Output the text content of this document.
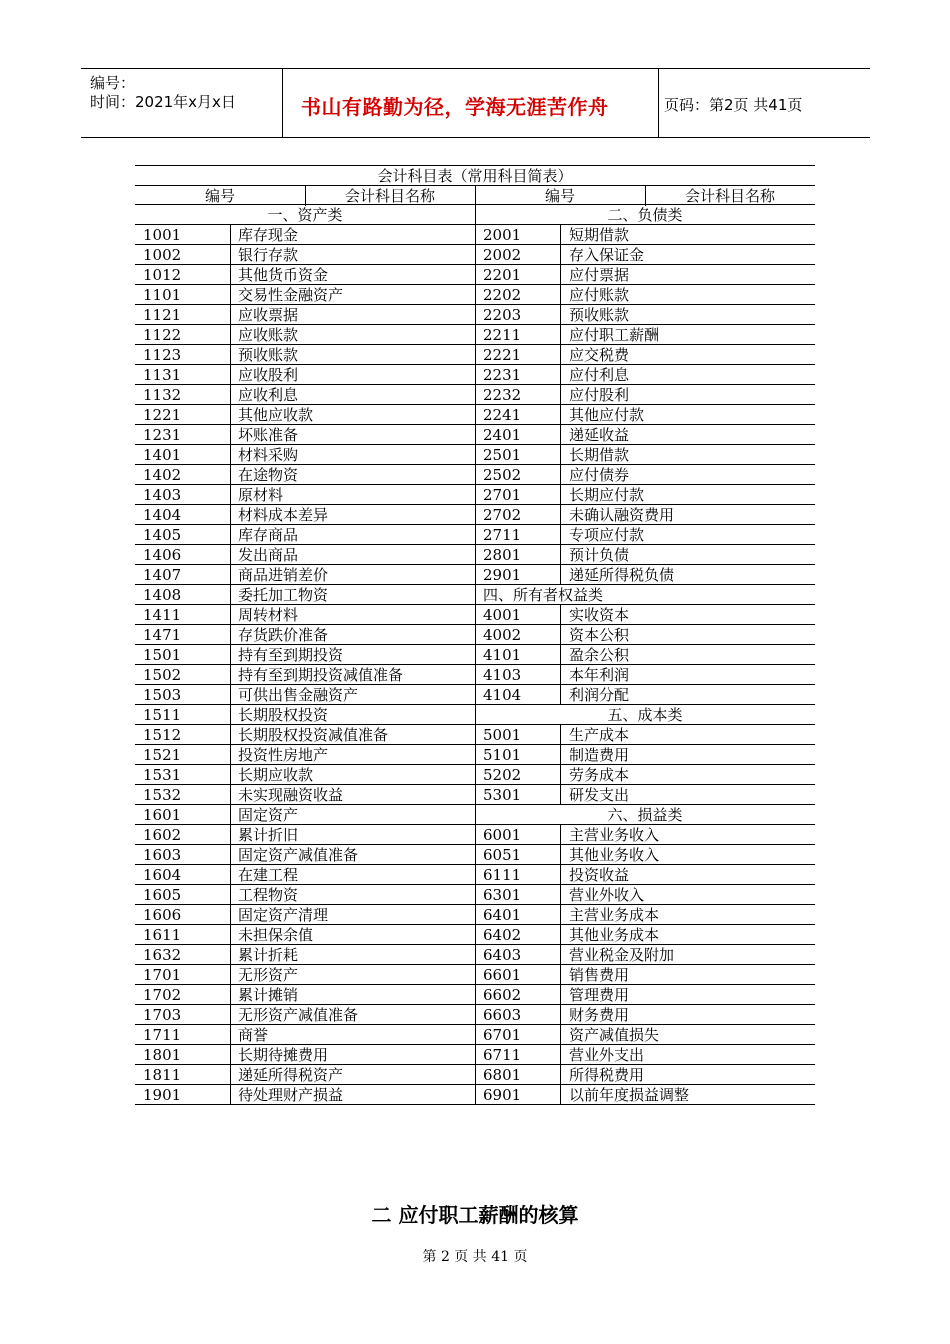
编号：
时间：2021年x月x日	书山有路勤为径，学海无涯苦作舟	页码：第2页 共41页
会计科目表（常用科目简表）
编号	会计科目名称	编号	会计科目名称
一、资产类	二、负债类
1001	库存现金	2001	短期借款
1002	银行存款	2002	存入保证金
1012	其他货币资金	2201	应付票据
1101	交易性金融资产	2202	应付账款
1121	应收票据	2203	预收账款
1122	应收账款	2211	应付职工薪酬
1123	预收账款	2221	应交税费
1131	应收股利	2231	应付利息
1132	应收利息	2232	应付股利
1221	其他应收款	2241	其他应付款
1231	坏账准备	2401	递延收益
1401	材料采购	2501	长期借款
1402	在途物资	2502	应付债券
1403	原材料	2701	长期应付款
1404	材料成本差异	2702	未确认融资费用
1405	库存商品	2711	专项应付款
1406	发出商品	2801	预计负债
1407	商品进销差价	2901	递延所得税负债
1408	委托加工物资	四、所有者权益类
1411	周转材料	4001	实收资本
1471	存货跌价准备	4002	资本公积
1501	持有至到期投资	4101	盈余公积
1502	持有至到期投资减值准备	4103	本年利润
1503	可供出售金融资产	4104	利润分配
1511	长期股权投资	五、成本类
1512	长期股权投资减值准备	5001	生产成本
1521	投资性房地产	5101	制造费用
1531	长期应收款	5202	劳务成本
1532	未实现融资收益	5301	研发支出
1601	固定资产	六、损益类
1602	累计折旧	6001	主营业务收入
1603	固定资产减值准备	6051	其他业务收入
1604	在建工程	6111	投资收益
1605	工程物资	6301	营业外收入
1606	固定资产清理	6401	主营业务成本
1611	未担保余值	6402	其他业务成本
1632	累计折耗	6403	营业税金及附加
1701	无形资产	6601	销售费用
1702	累计摊销	6602	管理费用
1703	无形资产减值准备	6603	财务费用
1711	商誉	6701	资产减值损失
1801	长期待摊费用	6711	营业外支出
1811	递延所得税资产	6801	所得税费用
1901	待处理财产损益	6901	以前年度损益调整
二 应付职工薪酬的核算
第 2 页 共 41 页
